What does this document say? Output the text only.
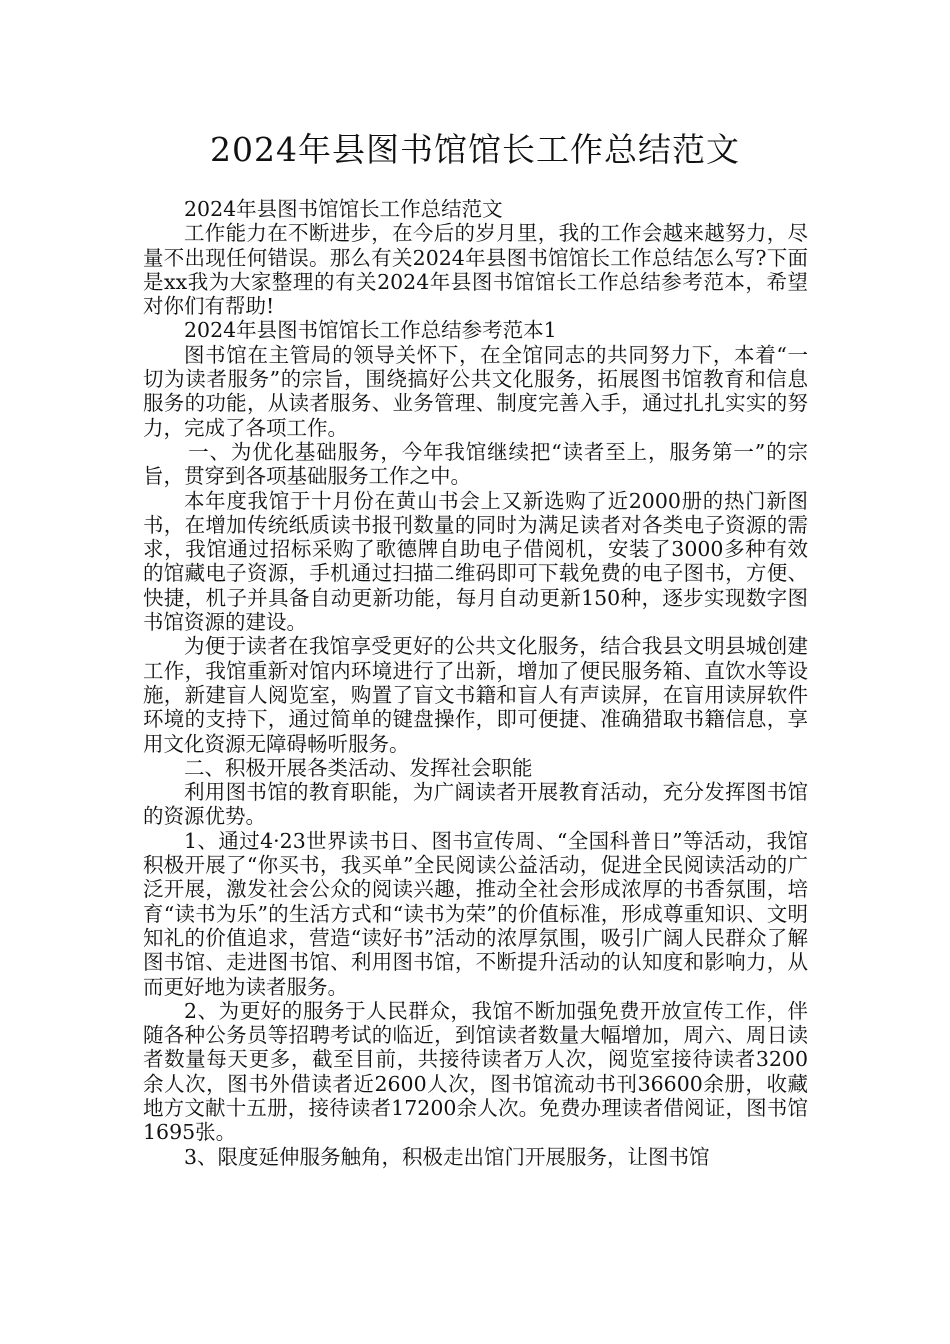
2024年县图书馆馆长工作总结范文

2024年县图书馆馆长工作总结范文

工作能力在不断进步，在今后的岁月里，我的工作会越来越努力，尽量不出现任何错误。那么有关2024年县图书馆馆长工作总结怎么写?下面是xx我为大家整理的有关2024年县图书馆馆长工作总结参考范本，希望对你们有帮助!

2024年县图书馆馆长工作总结参考范本1

图书馆在主管局的领导关怀下，在全馆同志的共同努力下，本着“一切为读者服务”的宗旨，围绕搞好公共文化服务，拓展图书馆教育和信息服务的功能，从读者服务、业务管理、制度完善入手，通过扎扎实实的努力，完成了各项工作。

一、为优化基础服务，今年我馆继续把“读者至上，服务第一”的宗旨，贯穿到各项基础服务工作之中。

本年度我馆于十月份在黄山书会上又新选购了近2000册的热门新图书，在增加传统纸质读书报刊数量的同时为满足读者对各类电子资源的需求，我馆通过招标采购了歌德牌自助电子借阅机，安装了3000多种有效的馆藏电子资源，手机通过扫描二维码即可下载免费的电子图书，方便、快捷，机子并具备自动更新功能，每月自动更新150种，逐步实现数字图书馆资源的建设。

为便于读者在我馆享受更好的公共文化服务，结合我县文明县城创建工作，我馆重新对馆内环境进行了出新，增加了便民服务箱、直饮水等设施，新建盲人阅览室，购置了盲文书籍和盲人有声读屏，在盲用读屏软件环境的支持下，通过简单的键盘操作，即可便捷、准确猎取书籍信息，享用文化资源无障碍畅听服务。

二、积极开展各类活动、发挥社会职能

利用图书馆的教育职能，为广阔读者开展教育活动，充分发挥图书馆的资源优势。

1、通过4·23世界读书日、图书宣传周、“全国科普日”等活动，我馆积极开展了“你买书，我买单”全民阅读公益活动，促进全民阅读活动的广泛开展，激发社会公众的阅读兴趣，推动全社会形成浓厚的书香氛围，培育“读书为乐”的生活方式和“读书为荣”的价值标准，形成尊重知识、文明知礼的价值追求，营造“读好书”活动的浓厚氛围，吸引广阔人民群众了解图书馆、走进图书馆、利用图书馆，不断提升活动的认知度和影响力，从而更好地为读者服务。

2、为更好的服务于人民群众，我馆不断加强免费开放宣传工作，伴随各种公务员等招聘考试的临近，到馆读者数量大幅增加，周六、周日读者数量每天更多，截至目前，共接待读者万人次，阅览室接待读者3200余人次，图书外借读者近2600人次，图书馆流动书刊36600余册，收藏地方文献十五册，接待读者17200余人次。免费办理读者借阅证，图书馆1695张。

3、限度延伸服务触角，积极走出馆门开展服务，让图书馆
